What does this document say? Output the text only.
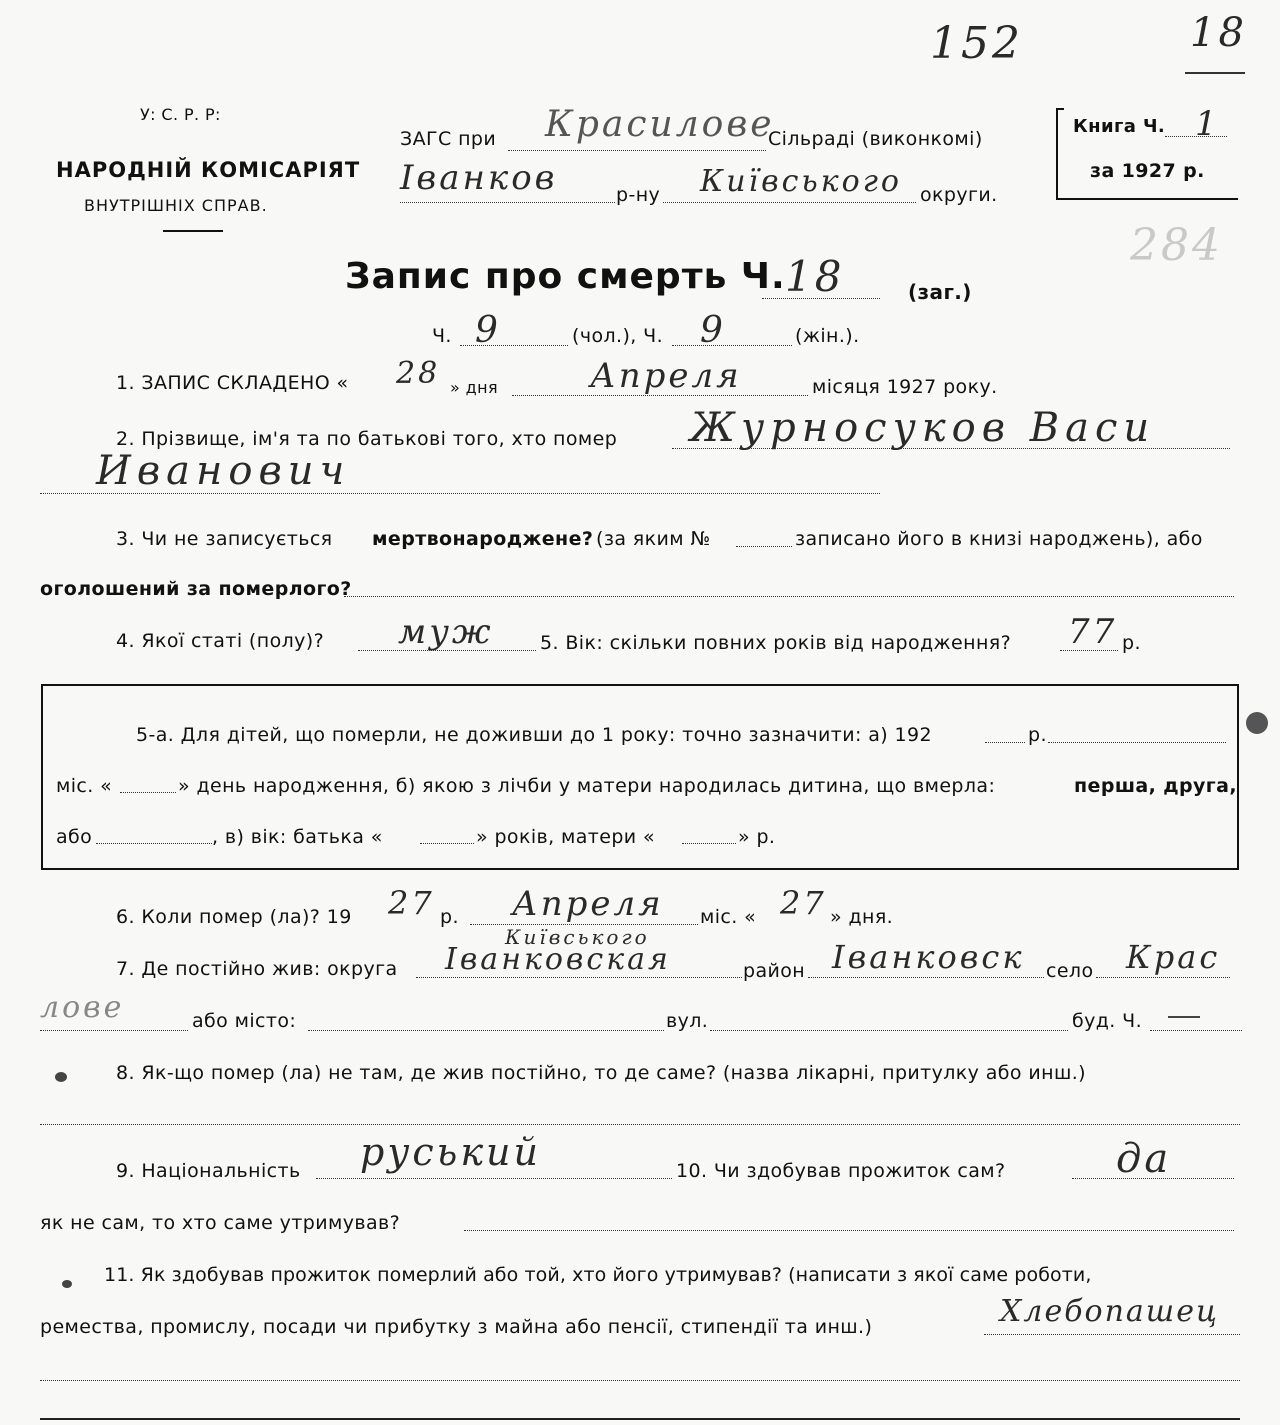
152	18
У: С. Р. Р:
НАРОДНІЙ КОМІСАРІЯТ
ВНУТРІШНІХ СПРАВ.
ЗАГС при Красилове
Сільраді (виконкомі)
Іванков	р-ну Київського округи.
Книга Ч. 1
за 1927 р.
284
Запис про смерть Ч. 18	(заг.)
Ч. 9	(чол.), Ч. 9	(жін.).
1. ЗАПИС СКЛАДЕНО « 28 » дня	Апреля	місяця 1927 року.
2. Прізвище, ім'я та по батькові того, хто помер Журносуков Васи
Иванович
3. Чи не записується мертвонароджене? (за яким №	записано його в книзі народжень), або
оголошений за померлого?
4. Якої статі (полу)? муж 5. Вік: скільки повних років від народження? 77 р.
5-а. Для дітей, що померли, не доживши до 1 року: точно зазначити: а) 192	р.
міс. «	» день народження, б) якою з лічби у матери народилась дитина, що вмерла:	перша, друга,
або	, в) вік: батька «	» років, матери «	» р.
6. Коли помер (ла)? 19 27 р. Апреля міс. « 27 » дня.
7. Де постійно жив: округа
Київського
Іванковская	район Іванковск село Крас
лове	або місто:	вул.	буд. Ч.
8. Як-що помер (ла) не там, де жив постійно, то де саме? (назва лікарні, притулку або инш.)
9. Національність руський	10. Чи здобував прожиток сам?	да
як не сам, то хто саме утримував?
11. Як здобував прожиток померлий або той, хто його утримував? (написати з якої саме роботи,
ремества, промислу, посади чи прибутку з майна або пенсії, стипендії та инш.)	Хлебопашец
